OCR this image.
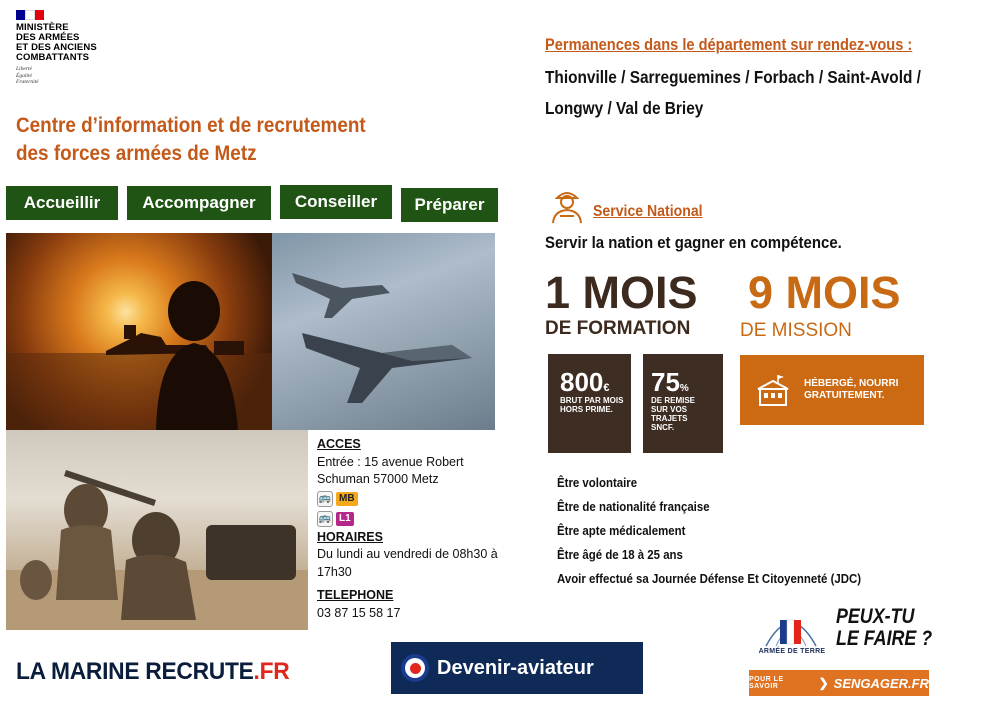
MINISTÈRE
DES ARMÉES
ET DES ANCIENS
COMBATTANTS
Liberté
Égalité
Fraternité
Centre d’information et de recrutement
des forces armées de Metz
Accueillir	Accompagner	Conseiller	Préparer
ACCES
Entrée : 15 avenue Robert Schuman 57000 Metz
🚌 MB
🚌 L1
HORAIRES
Du lundi au vendredi de 08h30 à 17h30
TELEPHONE
03 87 15 58 17
LA MARINE RECRUTE.FR	Devenir-aviateur
Permanences dans le département sur rendez-vous :
Thionville / Sarreguemines / Forbach / Saint-Avold / Longwy / Val de Briey
Service National
Servir la nation et gagner en compétence.
1 MOIS
DE FORMATION
9 MOIS
DE MISSION
800€
BRUT PAR MOIS
HORS PRIME.
75%
DE REMISE
SUR VOS
TRAJETS
SNCF.
HÉBERGÉ, NOURRI
GRATUITEMENT.
Être volontaire
Être de nationalité française
Être apte médicalement
Être âgé de 18 à 25 ans
Avoir effectué sa Journée Défense Et Citoyenneté (JDC)
ARMÉE DE TERRE
PEUX-TU
LE FAIRE ?
POUR LE SAVOIR	❯ SENGAGER.FR
